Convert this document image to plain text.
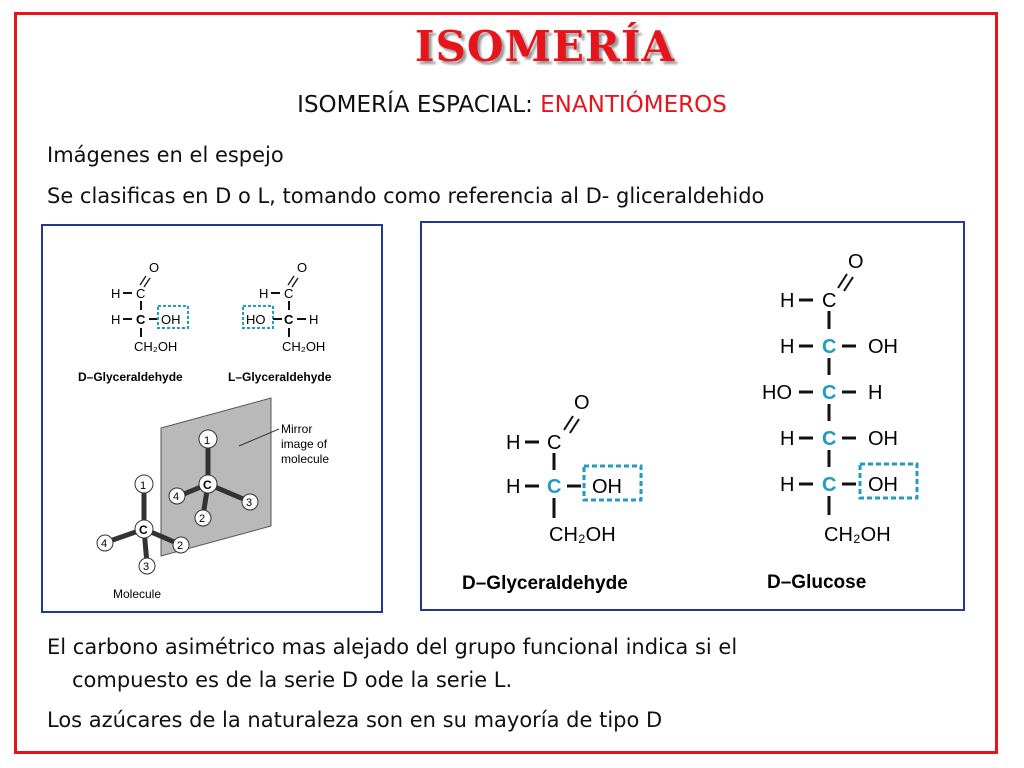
ISOMERÍA
ISOMERÍA ESPACIAL: ENANTIÓMEROS
Imágenes en el espejo
Se clasificas en D o L, tomando como referencia al D- gliceraldehido
O
H C
H C OH
CH₂OH
D–Glyceraldehyde
O
H C
HO C H
CH₂OH
L–Glyceraldehyde
Mirror
image of
molecule
1
4	3
2
C
1
4	2
3
C
Molecule
O
H C
H C OH
CH₂OH
D–Glyceraldehyde
O
H C
H C OH
HO C H
H C OH
H C OH
CH₂OH
D–Glucose
El carbono asimétrico mas alejado del grupo funcional indica si el
compuesto es de la serie D ode la serie L.
Los azúcares de la naturaleza son en su mayoría de tipo D
